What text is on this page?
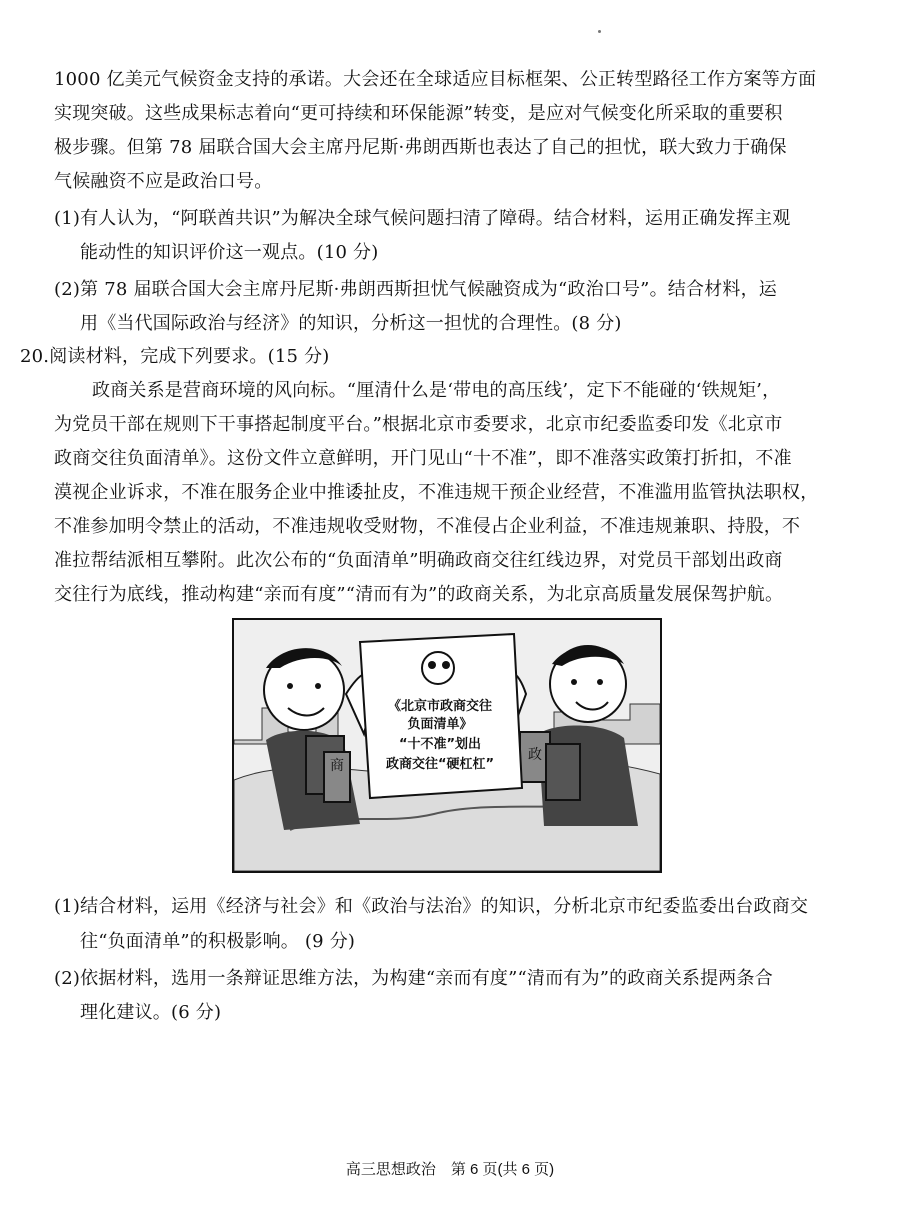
1000 亿美元气候资金支持的承诺。大会还在全球适应目标框架、公正转型路径工作方案等方面
实现突破。这些成果标志着向“更可持续和环保能源”转变，是应对气候变化所采取的重要积
极步骤。但第 78 届联合国大会主席丹尼斯·弗朗西斯也表达了自己的担忧，联大致力于确保
气候融资不应是政治口号。
(1)有人认为，“阿联酋共识”为解决全球气候问题扫清了障碍。结合材料，运用正确发挥主观
能动性的知识评价这一观点。(10 分)
(2)第 78 届联合国大会主席丹尼斯·弗朗西斯担忧气候融资成为“政治口号”。结合材料，运
用《当代国际政治与经济》的知识，分析这一担忧的合理性。(8 分)
20.阅读材料，完成下列要求。(15 分)
政商关系是营商环境的风向标。“厘清什么是‘带电的高压线’，定下不能碰的‘铁规矩’，
为党员干部在规则下干事搭起制度平台。”根据北京市委要求，北京市纪委监委印发《北京市
政商交往负面清单》。这份文件立意鲜明，开门见山“十不准”，即不准落实政策打折扣，不准
漠视企业诉求，不准在服务企业中推诿扯皮，不准违规干预企业经营，不准滥用监管执法职权，
不准参加明令禁止的活动，不准违规收受财物，不准侵占企业利益，不准违规兼职、持股，不
准拉帮结派相互攀附。此次公布的“负面清单”明确政商交往红线边界，对党员干部划出政商
交往行为底线，推动构建“亲而有度”“清而有为”的政商关系，为北京高质量发展保驾护航。
商
政
《北京市政商交往
负面清单》
“十不准”划出
政商交往“硬杠杠”
(1)结合材料，运用《经济与社会》和《政治与法治》的知识，分析北京市纪委监委出台政商交
往“负面清单”的积极影响。 (9 分)
(2)依据材料，选用一条辩证思维方法，为构建“亲而有度”“清而有为”的政商关系提两条合
理化建议。(6 分)
高三思想政治　第 6 页(共 6 页)
